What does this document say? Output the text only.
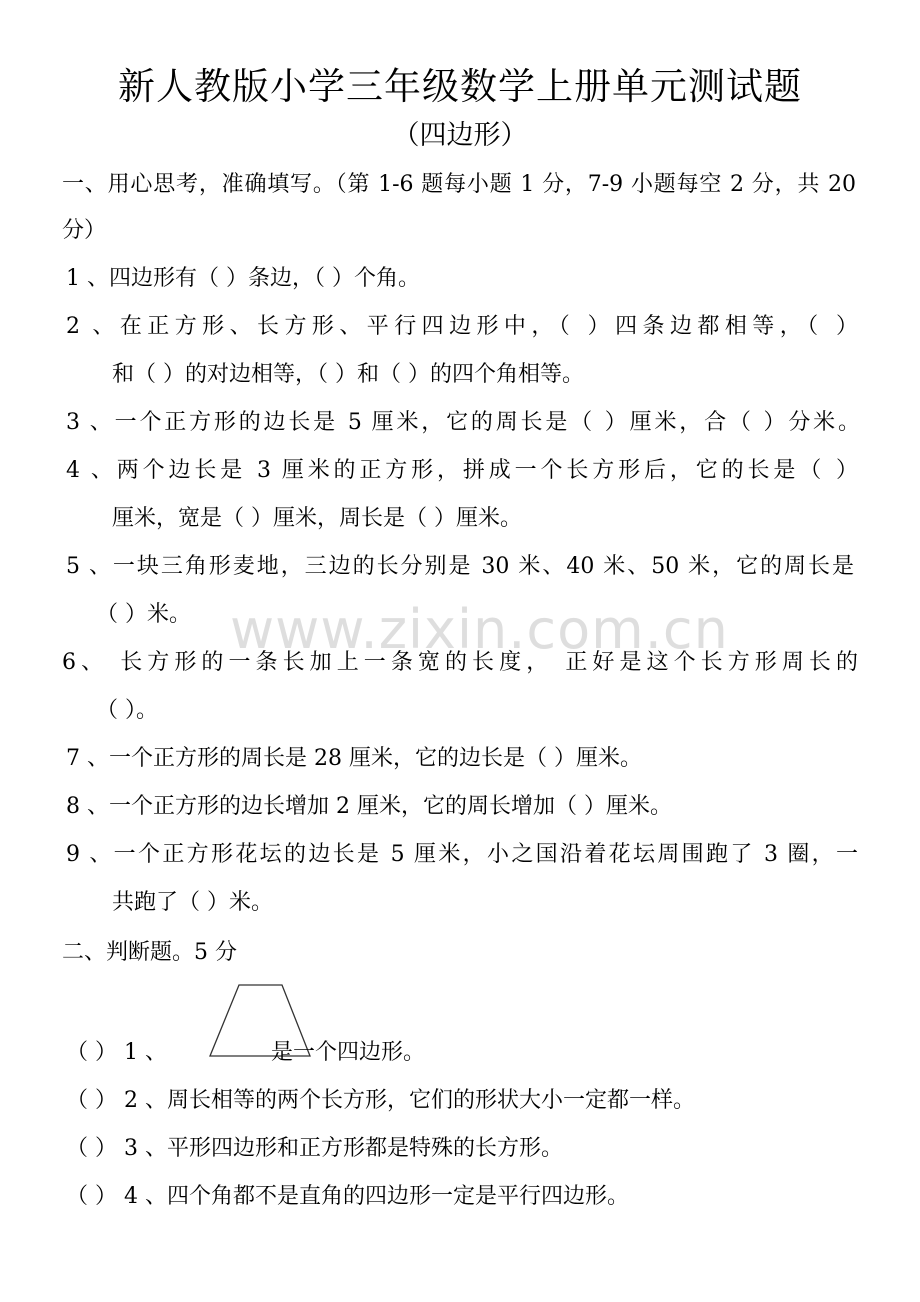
www.zixin.com.cn
新人教版小学三年级数学上册单元测试题
（四边形）
一、用心思考，准确填写。（第 1-6 题每小题 1 分，7-9 小题每空 2 分，共 20
分）
1 、四边形有（ ）条边，（ ）个角。
2 、在正方形、长方形、平行四边形中，（ ）四条边都相等，（ ）
和（ ）的对边相等，（ ）和（ ）的四个角相等。
3 、一个正方形的边长是 5 厘米，它的周长是（ ）厘米，合（ ）分米。
4 、两个边长是 3 厘米的正方形，拼成一个长方形后，它的长是（ ）
厘米，宽是（ ）厘米，周长是（ ）厘米。
5 、一块三角形麦地，三边的长分别是 30 米、40 米、50 米，它的周长是
（ ）米。
6、 长方形的一条长加上一条宽的长度， 正好是这个长方形周长的
（ ）。
7 、一个正方形的周长是 28 厘米，它的边长是（ ）厘米。
8 、一个正方形的边长增加 2 厘米，它的周长增加（ ）厘米。
9 、一个正方形花坛的边长是 5 厘米，小之国沿着花坛周围跑了 3 圈，一
共跑了（ ）米。
二、判断题。5 分
（ ） 1 、	是一个四边形。
（ ） 2 、周长相等的两个长方形，它们的形状大小一定都一样。
（ ） 3 、平形四边形和正方形都是特殊的长方形。
（ ） 4 、四个角都不是直角的四边形一定是平行四边形。
